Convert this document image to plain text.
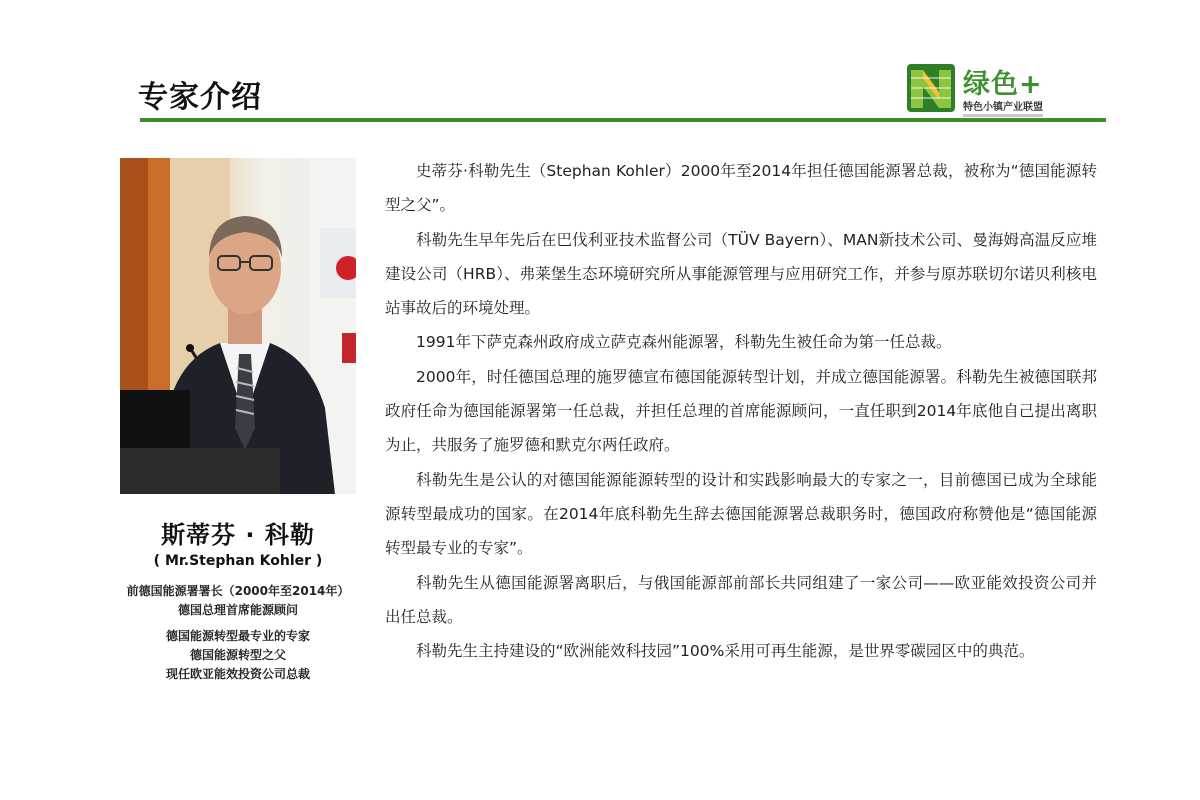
专家介绍	绿色+
特色小镇产业联盟
斯蒂芬 · 科勒
( Mr.Stephan Kohler )
前德国能源署署长（2000年至2014年）
德国总理首席能源顾问
德国能源转型最专业的专家
德国能源转型之父
现任欧亚能效投资公司总裁

史蒂芬·科勒先生（Stephan Kohler）2000年至2014年担任德国能源署总裁，被称为“德国能源转型之父”。

科勒先生早年先后在巴伐利亚技术监督公司（TÜV Bayern）、MAN新技术公司、曼海姆高温反应堆建设公司（HRB）、弗莱堡生态环境研究所从事能源管理与应用研究工作，并参与原苏联切尔诺贝利核电站事故后的环境处理。

1991年下萨克森州政府成立萨克森州能源署，科勒先生被任命为第一任总裁。

2000年，时任德国总理的施罗德宣布德国能源转型计划，并成立德国能源署。科勒先生被德国联邦政府任命为德国能源署第一任总裁，并担任总理的首席能源顾问，一直任职到2014年底他自己提出离职为止，共服务了施罗德和默克尔两任政府。

科勒先生是公认的对德国能源能源转型的设计和实践影响最大的专家之一，目前德国已成为全球能源转型最成功的国家。在2014年底科勒先生辞去德国能源署总裁职务时，德国政府称赞他是“德国能源转型最专业的专家”。

科勒先生从德国能源署离职后，与俄国能源部前部长共同组建了一家公司——欧亚能效投资公司并出任总裁。

科勒先生主持建设的“欧洲能效科技园”100%采用可再生能源，是世界零碳园区中的典范。
